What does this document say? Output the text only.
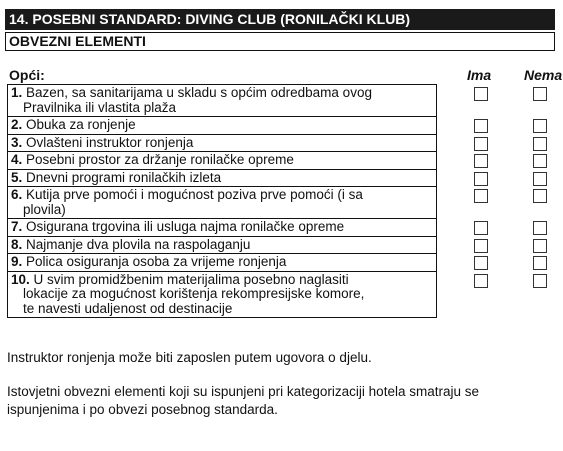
14. POSEBNI STANDARD: DIVING CLUB (RONILAČKI KLUB)
OBVEZNI ELEMENTI
Opći:	Ima Nema
1. Bazen, sa sanitarijama u skladu s općim odredbama ovog
Pravilnika ili vlastita plaža
2. Obuka za ronjenje
3. Ovlašteni instruktor ronjenja
4. Posebni prostor za držanje ronilačke opreme
5. Dnevni programi ronilačkih izleta
6. Kutija prve pomoći i mogućnost poziva prve pomoći (i sa
plovila)
7. Osigurana trgovina ili usluga najma ronilačke opreme
8. Najmanje dva plovila na raspolaganju
9. Polica osiguranja osoba za vrijeme ronjenja
10. U svim promidžbenim materijalima posebno naglasiti
lokacije za mogućnost korištenja rekompresijske komore,
te navesti udaljenost od destinacije
Instruktor ronjenja može biti zaposlen putem ugovora o djelu.
Istovjetni obvezni elementi koji su ispunjeni pri kategorizaciji hotela smatraju se
ispunjenima i po obvezi posebnog standarda.
